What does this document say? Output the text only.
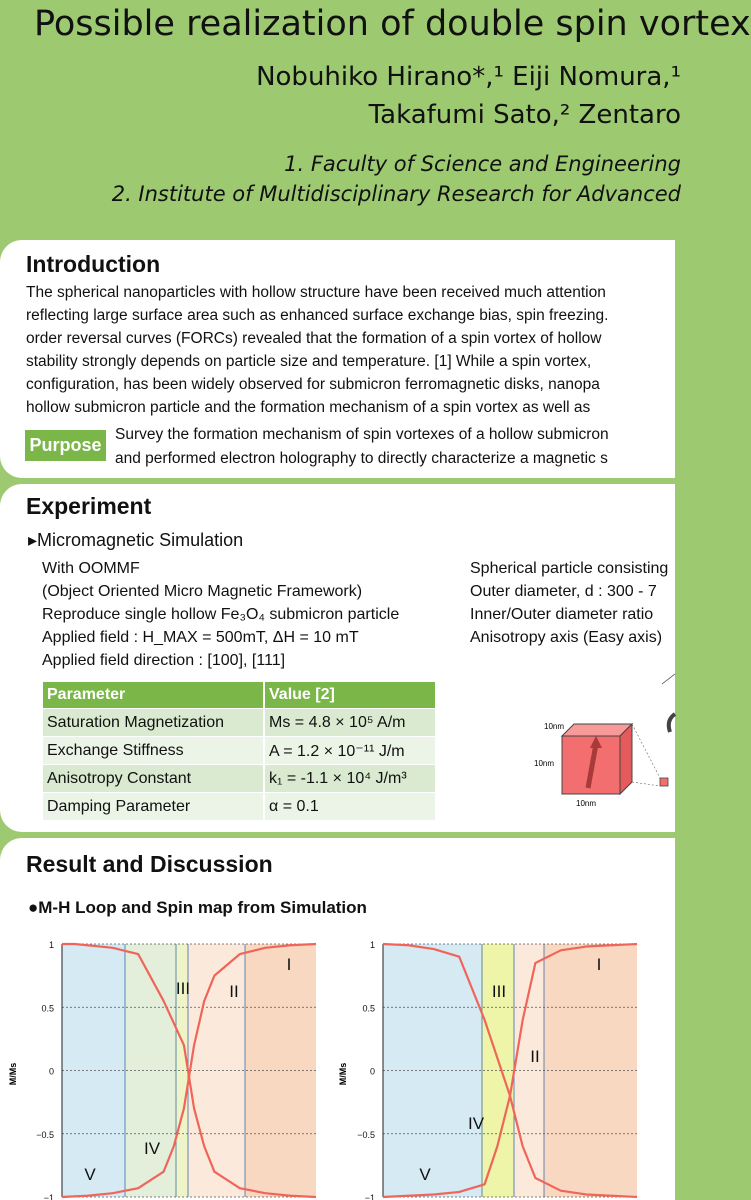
Possible realization of double spin vortex
Nobuhiko Hirano*,¹ Eiji Nomura,¹
Takafumi Sato,² Zentaro
1. Faculty of Science and Engineering
2. Institute of Multidisciplinary Research for Advanced
Introduction
The spherical nanoparticles with hollow structure have been received much attention
reflecting large surface area such as enhanced surface exchange bias, spin freezing.
order reversal curves (FORCs) revealed that the formation of a spin vortex of hollow
stability strongly depends on particle size and temperature. [1] While a spin vortex,
configuration, has been widely observed for submicron ferromagnetic disks, nanopa
hollow submicron particle and the formation mechanism of a spin vortex as well as
Purpose
Survey the formation mechanism of spin vortexes of a hollow submicron
and performed electron holography to directly characterize a magnetic s
Experiment
▸Micromagnetic Simulation
With OOMMF
(Object Oriented Micro Magnetic Framework)
Reproduce single hollow Fe₃O₄ submicron particle
Applied field : H_MAX = 500mT, ΔH = 10 mT
Applied field direction : [100], [111]
Spherical particle consisting
Outer diameter, d : 300 - 7
Inner/Outer diameter ratio
Anisotropy axis (Easy axis)
Parameter	Value [2]
Saturation Magnetization	Ms = 4.8 × 10⁵ A/m
Exchange Stiffness	A = 1.2 × 10⁻¹¹ J/m
Anisotropy Constant	k₁ = -1.1 × 10⁴ J/m³
Damping Parameter	α = 0.1
10nm
10nm
10nm
Result and Discussion
●M-H Loop and Spin map from Simulation
1
0.5
0
−0.5
−1
M/Ms
I
II
III
IV
V
1
0.5
0
−0.5
−1
M/Ms
I
II
III
IV
V
